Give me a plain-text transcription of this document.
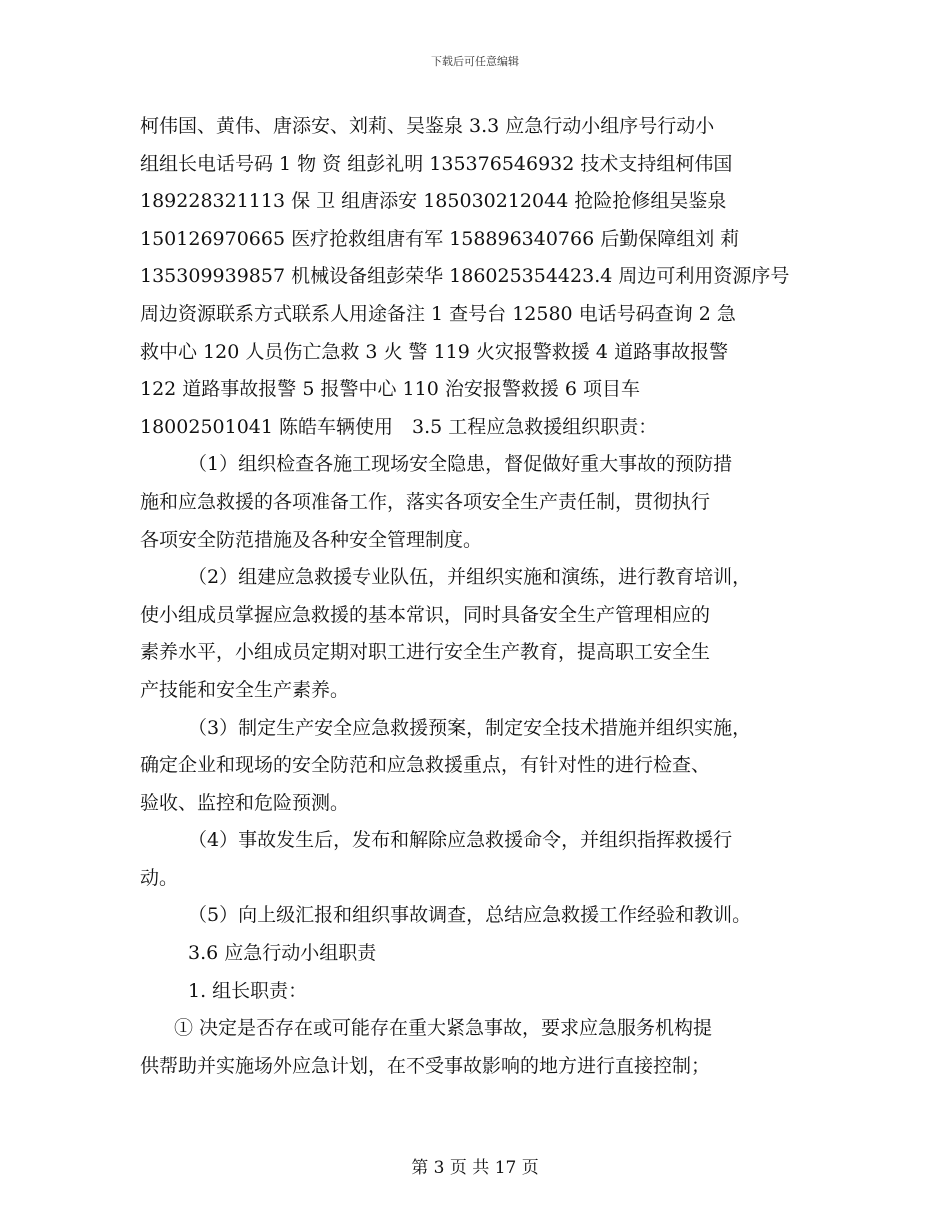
下载后可任意编辑
柯伟国、黄伟、唐添安、刘莉、吴鉴泉 3.3 应急行动小组序号行动小
组组长电话号码 1 物 资 组彭礼明 135376546932 技术支持组柯伟国
189228321113 保 卫 组唐添安 185030212044 抢险抢修组吴鉴泉
150126970665 医疗抢救组唐有军 158896340766 后勤保障组刘 莉
135309939857 机械设备组彭荣华 186025354423.4 周边可利用资源序号
周边资源联系方式联系人用途备注 1 查号台 12580 电话号码查询 2 急
救中心 120 人员伤亡急救 3 火 警 119 火灾报警救援 4 道路事故报警
122 道路事故报警 5 报警中心 110 治安报警救援 6 项目车
18002501041 陈皓车辆使用　3.5 工程应急救援组织职责：
（1）组织检查各施工现场安全隐患，督促做好重大事故的预防措
施和应急救援的各项准备工作，落实各项安全生产责任制，贯彻执行
各项安全防范措施及各种安全管理制度。
（2）组建应急救援专业队伍，并组织实施和演练，进行教育培训，
使小组成员掌握应急救援的基本常识，同时具备安全生产管理相应的
素养水平，小组成员定期对职工进行安全生产教育，提高职工安全生
产技能和安全生产素养。
（3）制定生产安全应急救援预案，制定安全技术措施并组织实施，
确定企业和现场的安全防范和应急救援重点，有针对性的进行检查、
验收、监控和危险预测。
（4）事故发生后，发布和解除应急救援命令，并组织指挥救援行
动。
（5）向上级汇报和组织事故调查，总结应急救援工作经验和教训。
3.6 应急行动小组职责
1. 组长职责：
① 决定是否存在或可能存在重大紧急事故，要求应急服务机构提
供帮助并实施场外应急计划，在不受事故影响的地方进行直接控制；
第 3 页 共 17 页
